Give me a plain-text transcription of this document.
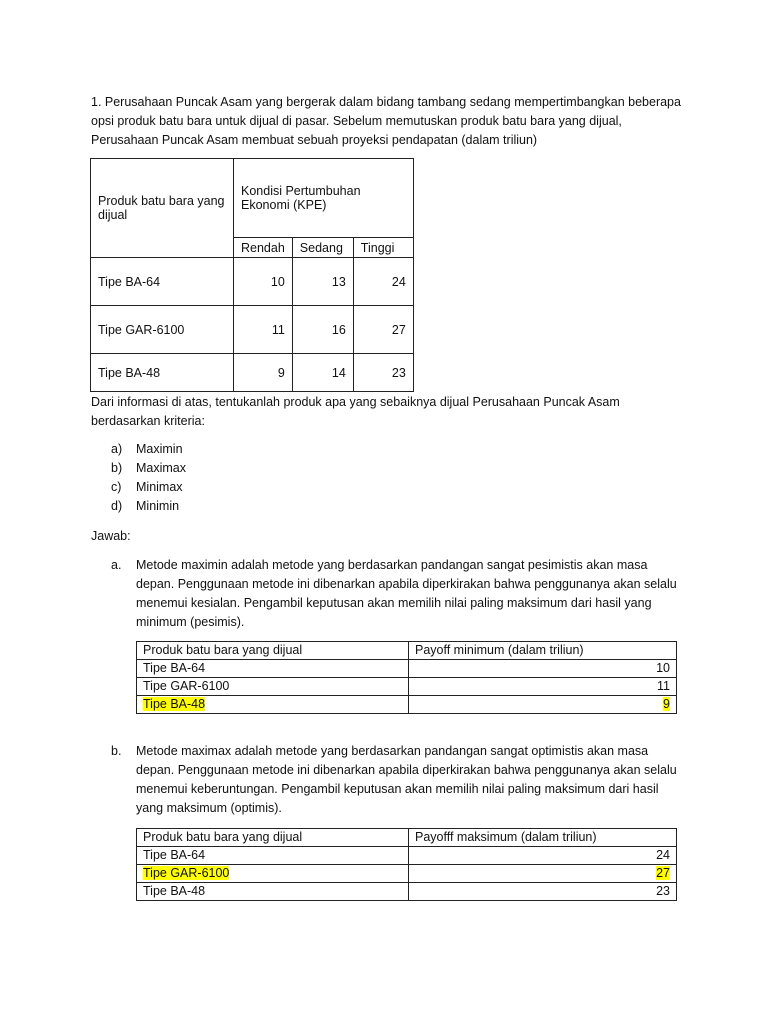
1. Perusahaan Puncak Asam yang bergerak dalam bidang tambang sedang mempertimbangkan beberapa opsi produk batu bara untuk dijual di pasar. Sebelum memutuskan produk batu bara yang dijual, Perusahaan Puncak Asam membuat sebuah proyeksi pendapatan (dalam triliun)

Produk batu bara yang dijual	Kondisi Pertumbuhan Ekonomi (KPE)		
	Rendah	Sedang	Tinggi
Tipe BA-64	10	13	24
Tipe GAR-6100	11	16	27
Tipe BA-48	9	14	23

Dari informasi di atas, tentukanlah produk apa yang sebaiknya dijual Perusahaan Puncak Asam berdasarkan kriteria:

a)	Maximin
b)	Maximax
c)	Minimax
d)	Minimin

Jawab:

a.	Metode maximin adalah metode yang berdasarkan pandangan sangat pesimistis akan masa depan. Penggunaan metode ini dibenarkan apabila diperkirakan bahwa penggunanya akan selalu menemui kesialan. Pengambil keputusan akan memilih nilai paling maksimum dari hasil yang minimum (pesimis).
Produk batu bara yang dijual	Payoff minimum (dalam triliun)
Tipe BA-64	10
Tipe GAR-6100	11
Tipe BA-48	9
b.	Metode maximax adalah metode yang berdasarkan pandangan sangat optimistis akan masa depan. Penggunaan metode ini dibenarkan apabila diperkirakan bahwa penggunanya akan selalu menemui keberuntungan. Pengambil keputusan akan memilih nilai paling maksimum dari hasil yang maksimum (optimis).
Produk batu bara yang dijual	Payofff maksimum (dalam triliun)
Tipe BA-64	24
Tipe GAR-6100	27
Tipe BA-48	23
